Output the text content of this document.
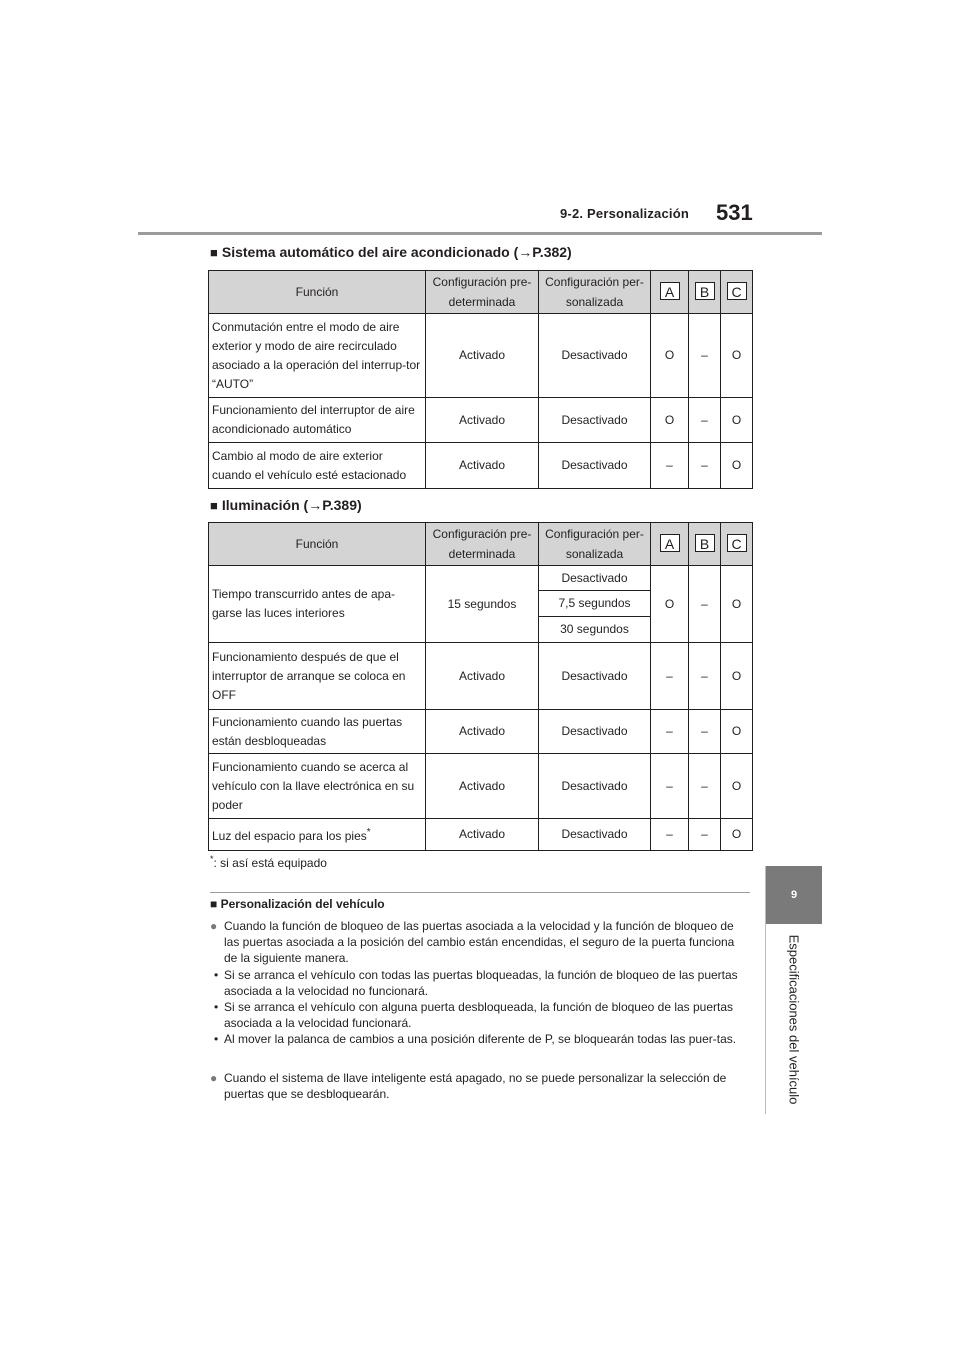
9-2. Personalización 531
9
Especificaciones del vehículo
■ Sistema automático del aire acondicionado (→P.382)
Función	Configuración pre-determinada	Configuración per-sonalizada	A	B	C
Conmutación entre el modo de aire exterior y modo de aire recirculado asociado a la operación del interrup-tor “AUTO”	Activado	Desactivado	O	–	O
Funcionamiento del interruptor de aire acondicionado automático	Activado	Desactivado	O	–	O
Cambio al modo de aire exterior cuando el vehículo esté estacionado	Activado	Desactivado	–	–	O
■ Iluminación (→P.389)
Función	Configuración pre-determinada	Configuración per-sonalizada	A	B	C
Tiempo transcurrido antes de apa-garse las luces interiores	15 segundos	Desactivado	O	–	O
		7,5 segundos			
		30 segundos			
Funcionamiento después de que el interruptor de arranque se coloca en OFF	Activado	Desactivado	–	–	O
Funcionamiento cuando las puertas están desbloqueadas	Activado	Desactivado	–	–	O
Funcionamiento cuando se acerca al vehículo con la llave electrónica en su poder	Activado	Desactivado	–	–	O
Luz del espacio para los pies*	Activado	Desactivado	–	–	O
*: si así está equipado
■ Personalización del vehículo
● Cuando la función de bloqueo de las puertas asociada a la velocidad y la función de bloqueo de las puertas asociada a la posición del cambio están encendidas, el seguro de la puerta funciona de la siguiente manera.
• Si se arranca el vehículo con todas las puertas bloqueadas, la función de bloqueo de las puertas asociada a la velocidad no funcionará.
• Si se arranca el vehículo con alguna puerta desbloqueada, la función de bloqueo de las puertas asociada a la velocidad funcionará.
• Al mover la palanca de cambios a una posición diferente de P, se bloquearán todas las puer-tas.
● Cuando el sistema de llave inteligente está apagado, no se puede personalizar la selección de puertas que se desbloquearán.
